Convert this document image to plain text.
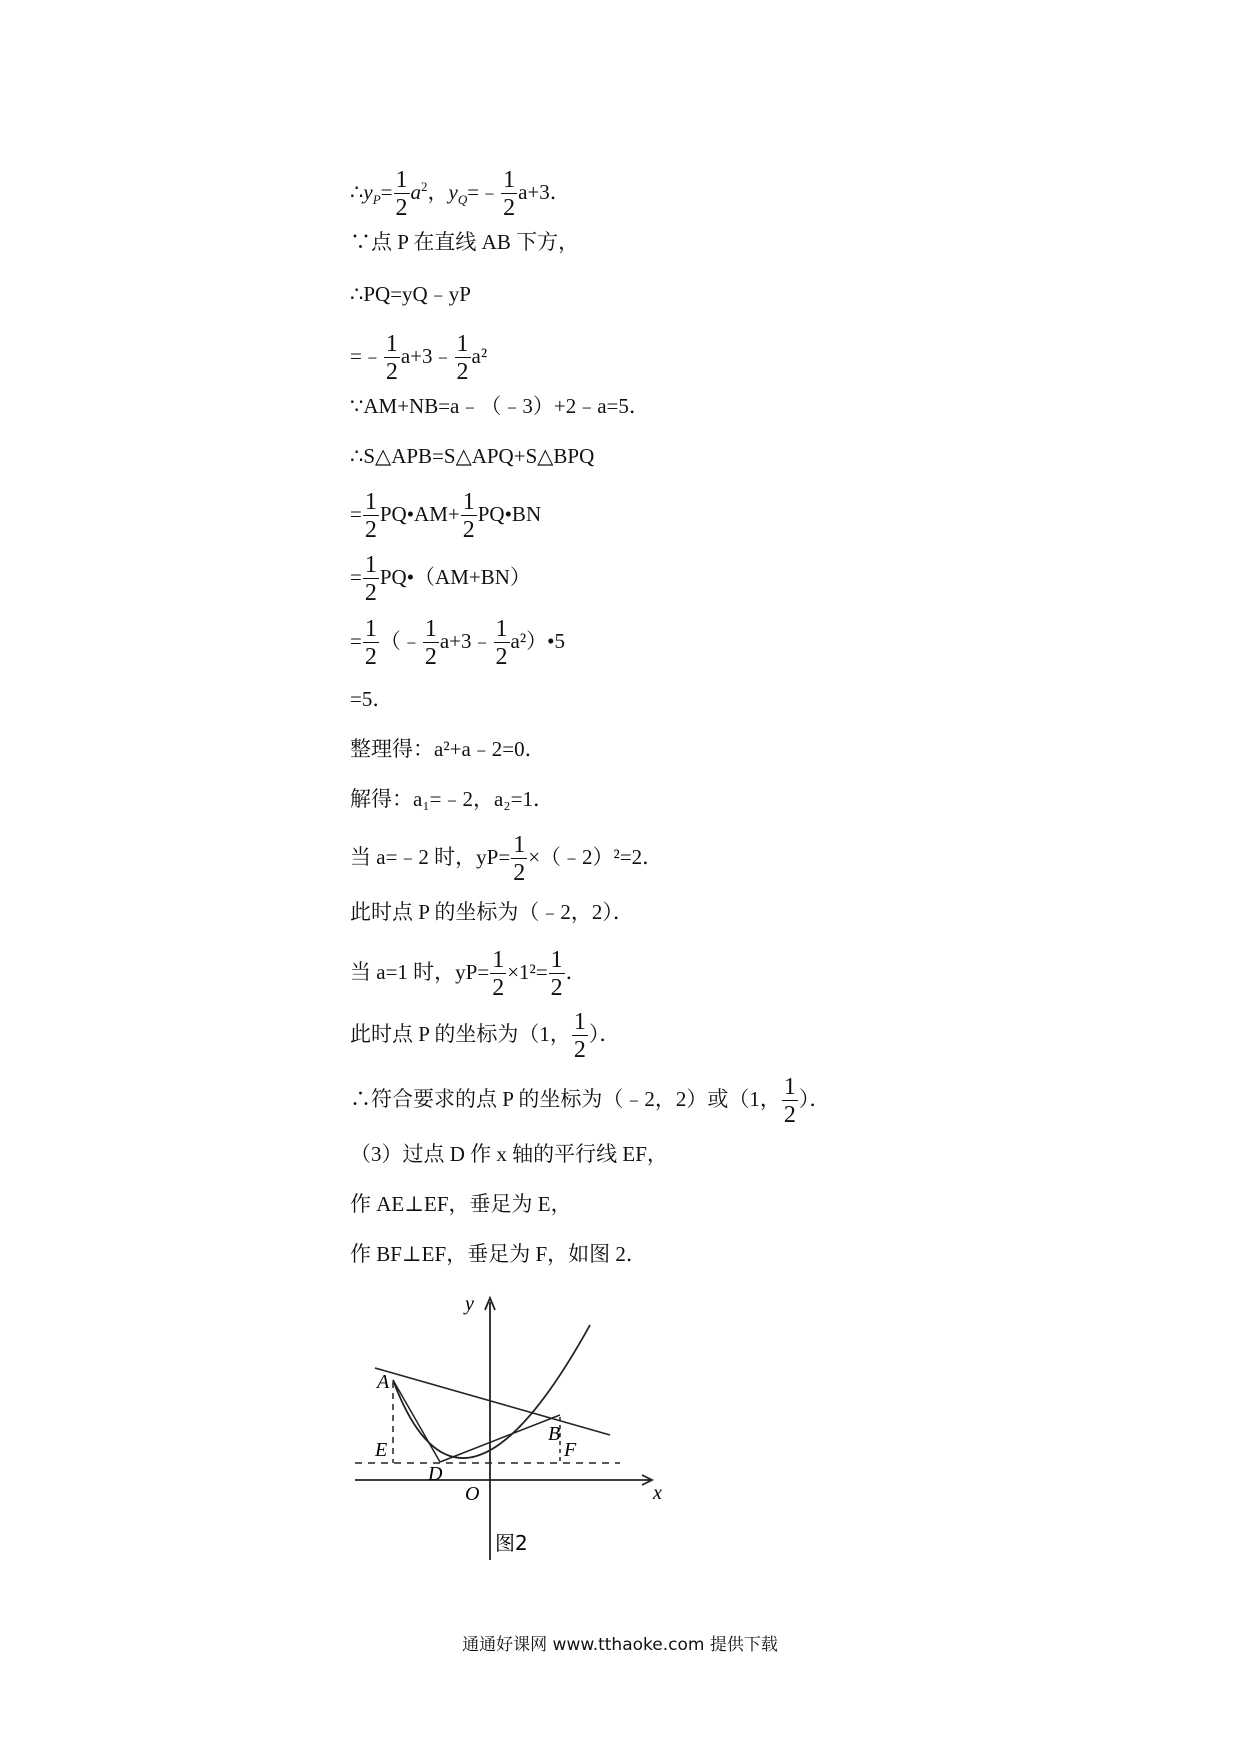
$\therefore y_P= \frac{1}{2} a^2$，$y_Q=﹣ \frac{1}{2} a+3$．
∵点 P 在直线 AB 下方，
∴PQ=yQ﹣yP
=﹣ $\frac{1}{2}$ a+3﹣ $\frac{1}{2} a^2$
∵AM+NB=a﹣（﹣3）+2﹣a=5．
∴S△APB=S△APQ+S△BPQ
= $\frac{1}{2}$ PQ•AM+ $\frac{1}{2}$ PQ•BN
= $\frac{1}{2}$ PQ•（AM+BN）
= $\frac{1}{2}$ （﹣ $\frac{1}{2}$ a+3﹣ $\frac{1}{2}$ a²）•5
=5．
整理得：a²+a﹣2=0．
解得：a₁=﹣2，a₂=1．
当 a=﹣2 时，$yP= \frac{1}{2}$ ×（﹣2）²=2．
此时点 P 的坐标为（﹣2，2）．
当 a=1 时，$yP= \frac{1}{2} \times 1^2= \frac{1}{2}$ ．
此时点 P 的坐标为（1， $\frac{1}{2}$ ）．
∴符合要求的点 P 的坐标为（﹣2，2）或（1， $\frac{1}{2}$ ）．
（3）过点 D 作 x 轴的平行线 EF，
作 AE⊥EF，垂足为 E，
作 BF⊥EF，垂足为 F，如图 2．
y
x
O
A
B
D
E	F
图2
通通好课网 www.tthaoke.com 提供下载
